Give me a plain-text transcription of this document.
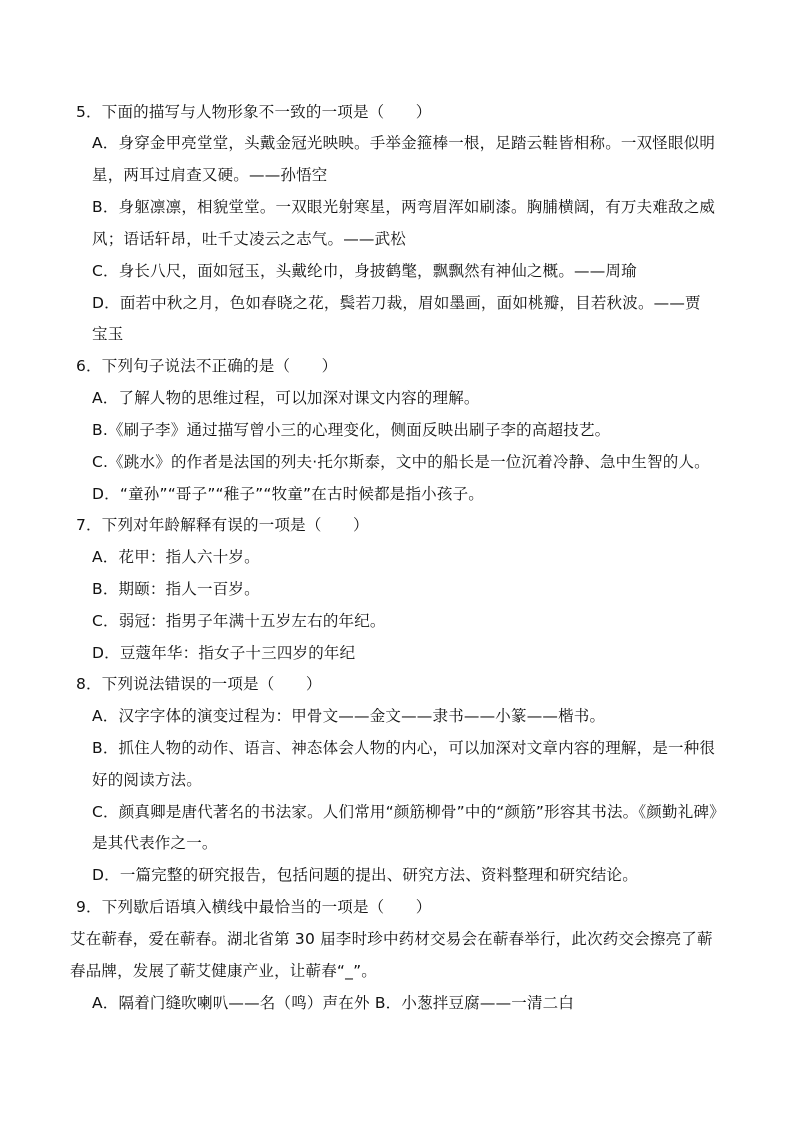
5．下面的描写与人物形象不一致的一项是（　　）
A．身穿金甲亮堂堂，头戴金冠光映映。手举金箍棒一根，足踏云鞋皆相称。一双怪眼似明
星，两耳过肩查又硬。——孙悟空
B．身躯凛凛，相貌堂堂。一双眼光射寒星，两弯眉浑如刷漆。胸脯横阔，有万夫难敌之威
风；语话轩昂，吐千丈凌云之志气。——武松
C．身长八尺，面如冠玉，头戴纶巾，身披鹤氅，飘飘然有神仙之概。——周瑜
D．面若中秋之月，色如春晓之花，鬓若刀裁，眉如墨画，面如桃瓣，目若秋波。——贾
宝玉
6．下列句子说法不正确的是（　　）
A．了解人物的思维过程，可以加深对课文内容的理解。
B.《刷子李》通过描写曾小三的心理变化，侧面反映出刷子李的高超技艺。
C.《跳水》的作者是法国的列夫·托尔斯泰，文中的船长是一位沉着冷静、急中生智的人。
D．“童孙”“哥子”“稚子”“牧童”在古时候都是指小孩子。
7．下列对年龄解释有误的一项是（　　）
A．花甲：指人六十岁。
B．期颐：指人一百岁。
C．弱冠：指男子年满十五岁左右的年纪。
D．豆蔻年华：指女子十三四岁的年纪
8．下列说法错误的一项是（　　）
A．汉字字体的演变过程为：甲骨文——金文——隶书——小篆——楷书。
B．抓住人物的动作、语言、神态体会人物的内心，可以加深对文章内容的理解，是一种很
好的阅读方法。
C．颜真卿是唐代著名的书法家。人们常用“颜筋柳骨”中的“颜筋”形容其书法。《颜勤礼碑》
是其代表作之一。
D．一篇完整的研究报告，包括问题的提出、研究方法、资料整理和研究结论。
9．下列歇后语填入横线中最恰当的一项是（　　）
艾在蕲春，爱在蕲春。湖北省第 30 届李时珍中药材交易会在蕲春举行，此次药交会擦亮了蕲
春品牌，发展了蕲艾健康产业，让蕲春“_”。
A．隔着门缝吹喇叭——名（鸣）声在外 B．小葱拌豆腐——一清二白
